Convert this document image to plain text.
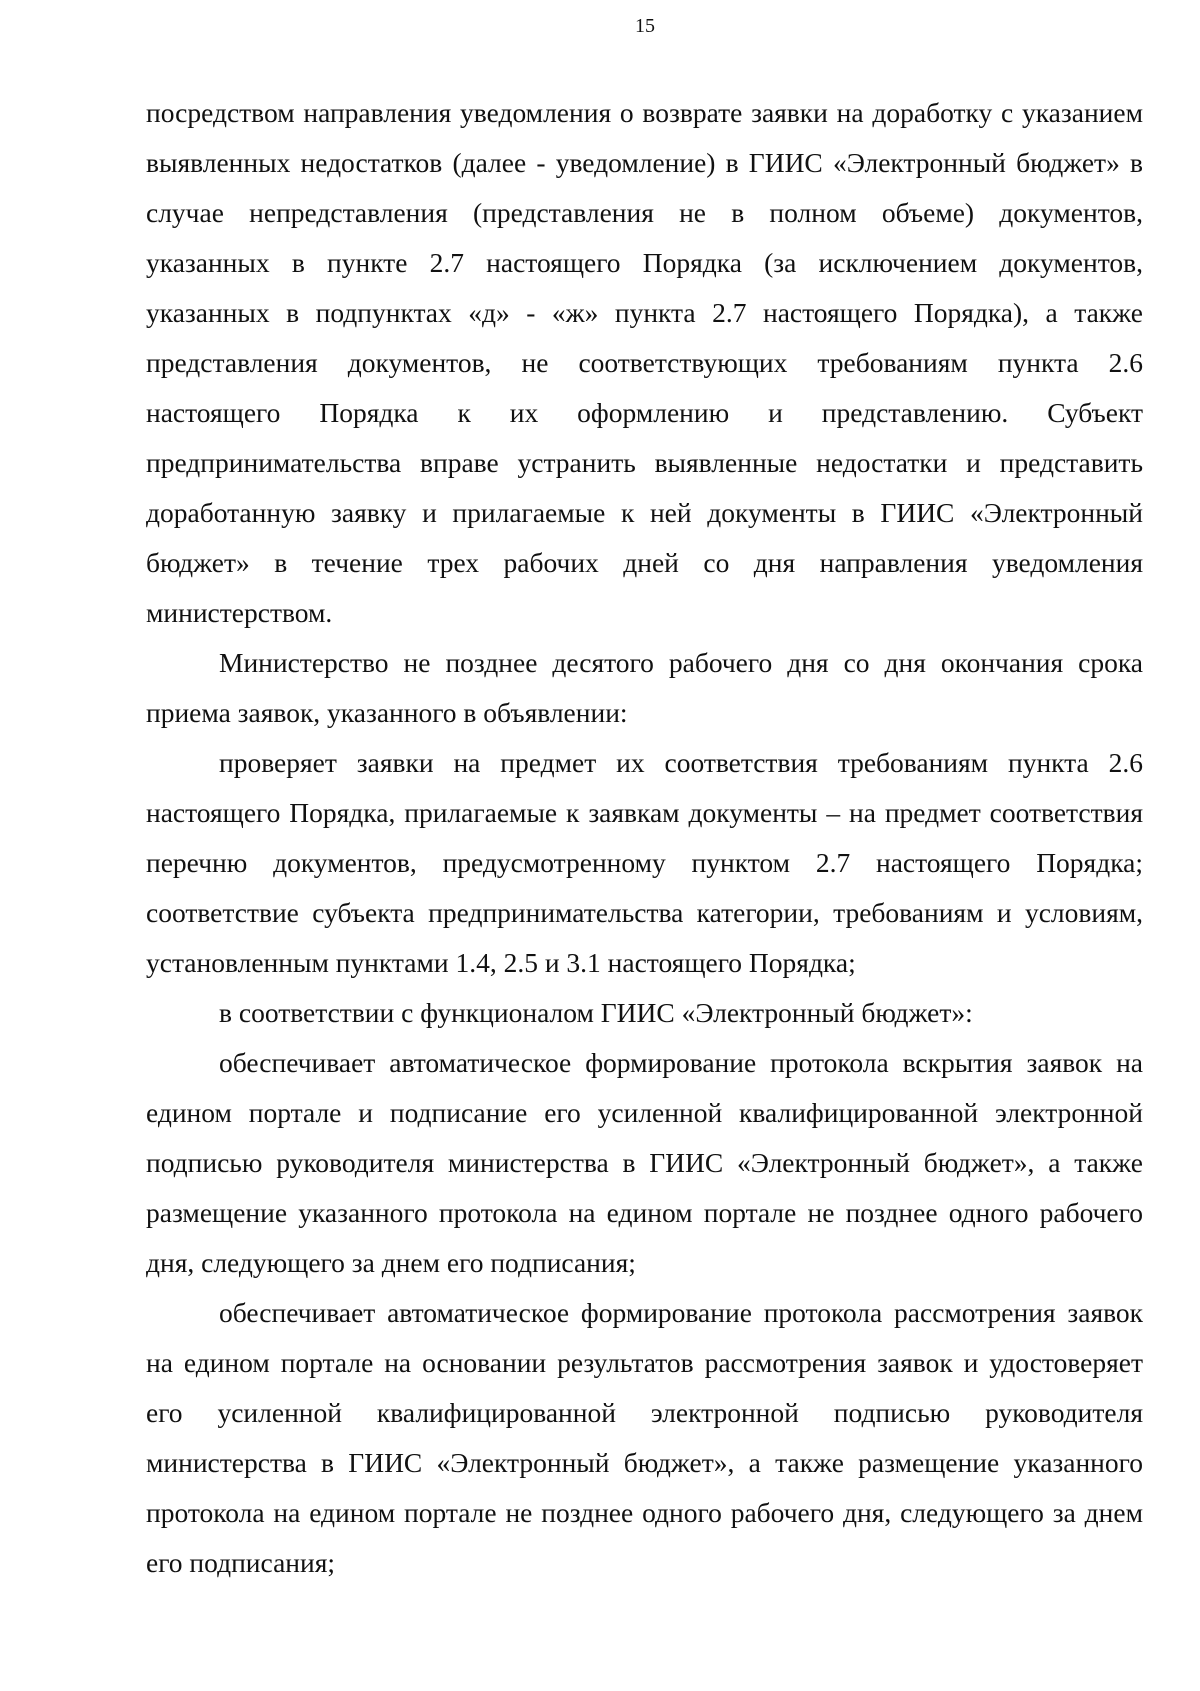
15

посредством направления уведомления о возврате заявки на доработку с указанием выявленных недостатков (далее - уведомление) в ГИИС «Электронный бюджет» в случае непредставления (представления не в полном объеме) документов, указанных в пункте 2.7 настоящего Порядка (за исключением документов, указанных в подпунктах «д» - «ж» пункта 2.7 настоящего Порядка), а также представления документов, не соответствующих требованиям пункта 2.6 настоящего Порядка к их оформлению и представлению. Субъект предпринимательства вправе устранить выявленные недостатки и представить доработанную заявку и прилагаемые к ней документы в ГИИС «Электронный бюджет» в течение трех рабочих дней со дня направления уведомления министерством.

Министерство не позднее десятого рабочего дня со дня окончания срока приема заявок, указанного в объявлении:

проверяет заявки на предмет их соответствия требованиям пункта 2.6 настоящего Порядка, прилагаемые к заявкам документы – на предмет соответствия перечню документов, предусмотренному пунктом 2.7 настоящего Порядка; соответствие субъекта предпринимательства категории, требованиям и условиям, установленным пунктами 1.4, 2.5 и 3.1 настоящего Порядка;

в соответствии с функционалом ГИИС «Электронный бюджет»:

обеспечивает автоматическое формирование протокола вскрытия заявок на едином портале и подписание его усиленной квалифицированной электронной подписью руководителя министерства в ГИИС «Электронный бюджет», а также размещение указанного протокола на едином портале не позднее одного рабочего дня, следующего за днем его подписания;

обеспечивает автоматическое формирование протокола рассмотрения заявок на едином портале на основании результатов рассмотрения заявок и удостоверяет его усиленной квалифицированной электронной подписью руководителя министерства в ГИИС «Электронный бюджет», а также размещение указанного протокола на едином портале не позднее одного рабочего дня, следующего за днем его подписания;
